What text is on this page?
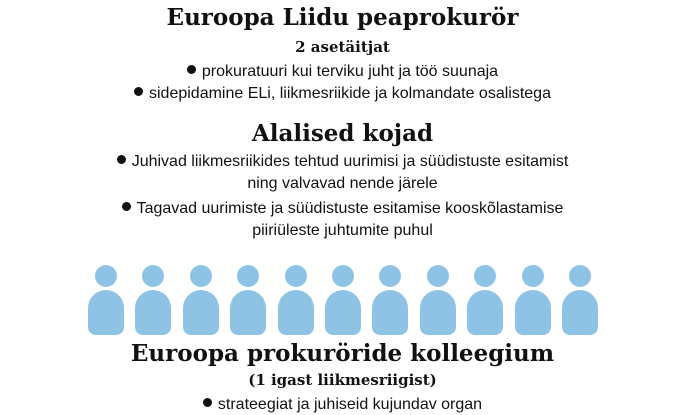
Euroopa Liidu peaprokurör
2 asetäitjat
prokuratuuri kui terviku juht ja töö suunaja
sidepidamine ELi, liikmesriikide ja kolmandate osalistega
Alalised kojad
Juhivad liikmesriikides tehtud uurimisi ja süüdistuste esitamist
ning valvavad nende järele
Tagavad uurimiste ja süüdistuste esitamise kooskõlastamise
piiriüleste juhtumite puhul
Euroopa prokuröride kolleegium
(1 igast liikmesriigist)
strateegiat ja juhiseid kujundav organ
